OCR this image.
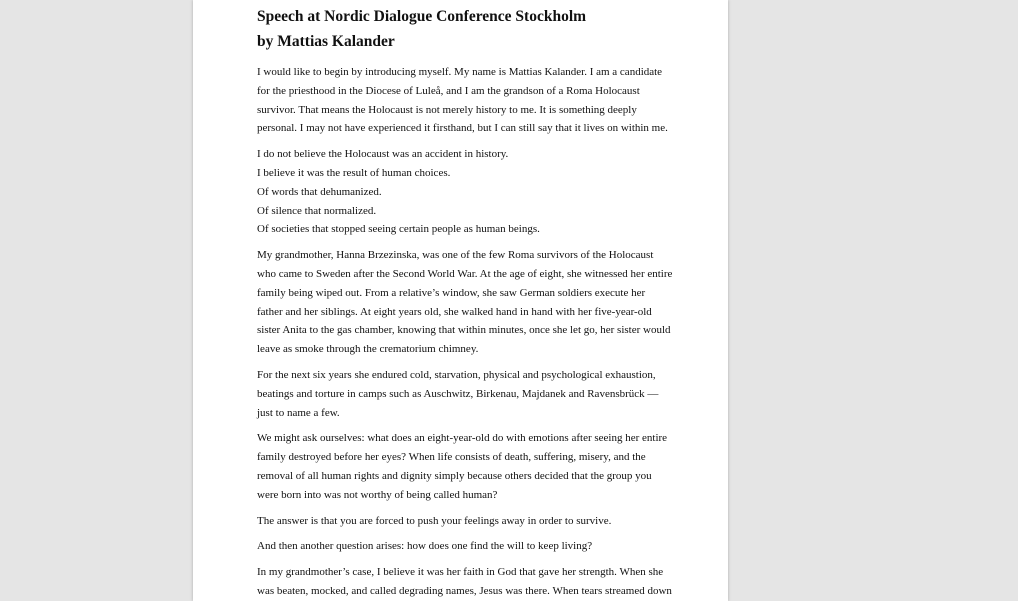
Speech at Nordic Dialogue Conference Stockholm
by Mattias Kalander

I would like to begin by introducing myself. My name is Mattias Kalander. I am a candidate
for the priesthood in the Diocese of Luleå, and I am the grandson of a Roma Holocaust
survivor. That means the Holocaust is not merely history to me. It is something deeply
personal. I may not have experienced it firsthand, but I can still say that it lives on within me.

I do not believe the Holocaust was an accident in history.
I believe it was the result of human choices.
Of words that dehumanized.
Of silence that normalized.
Of societies that stopped seeing certain people as human beings.

My grandmother, Hanna Brzezinska, was one of the few Roma survivors of the Holocaust
who came to Sweden after the Second World War. At the age of eight, she witnessed her entire
family being wiped out. From a relative’s window, she saw German soldiers execute her
father and her siblings. At eight years old, she walked hand in hand with her five-year-old
sister Anita to the gas chamber, knowing that within minutes, once she let go, her sister would
leave as smoke through the crematorium chimney.

For the next six years she endured cold, starvation, physical and psychological exhaustion,
beatings and torture in camps such as Auschwitz, Birkenau, Majdanek and Ravensbrück —
just to name a few.

We might ask ourselves: what does an eight-year-old do with emotions after seeing her entire
family destroyed before her eyes? When life consists of death, suffering, misery, and the
removal of all human rights and dignity simply because others decided that the group you
were born into was not worthy of being called human?

The answer is that you are forced to push your feelings away in order to survive.

And then another question arises: how does one find the will to keep living?

In my grandmother’s case, I believe it was her faith in God that gave her strength. When she
was beaten, mocked, and called degrading names, Jesus was there. When tears streamed down
